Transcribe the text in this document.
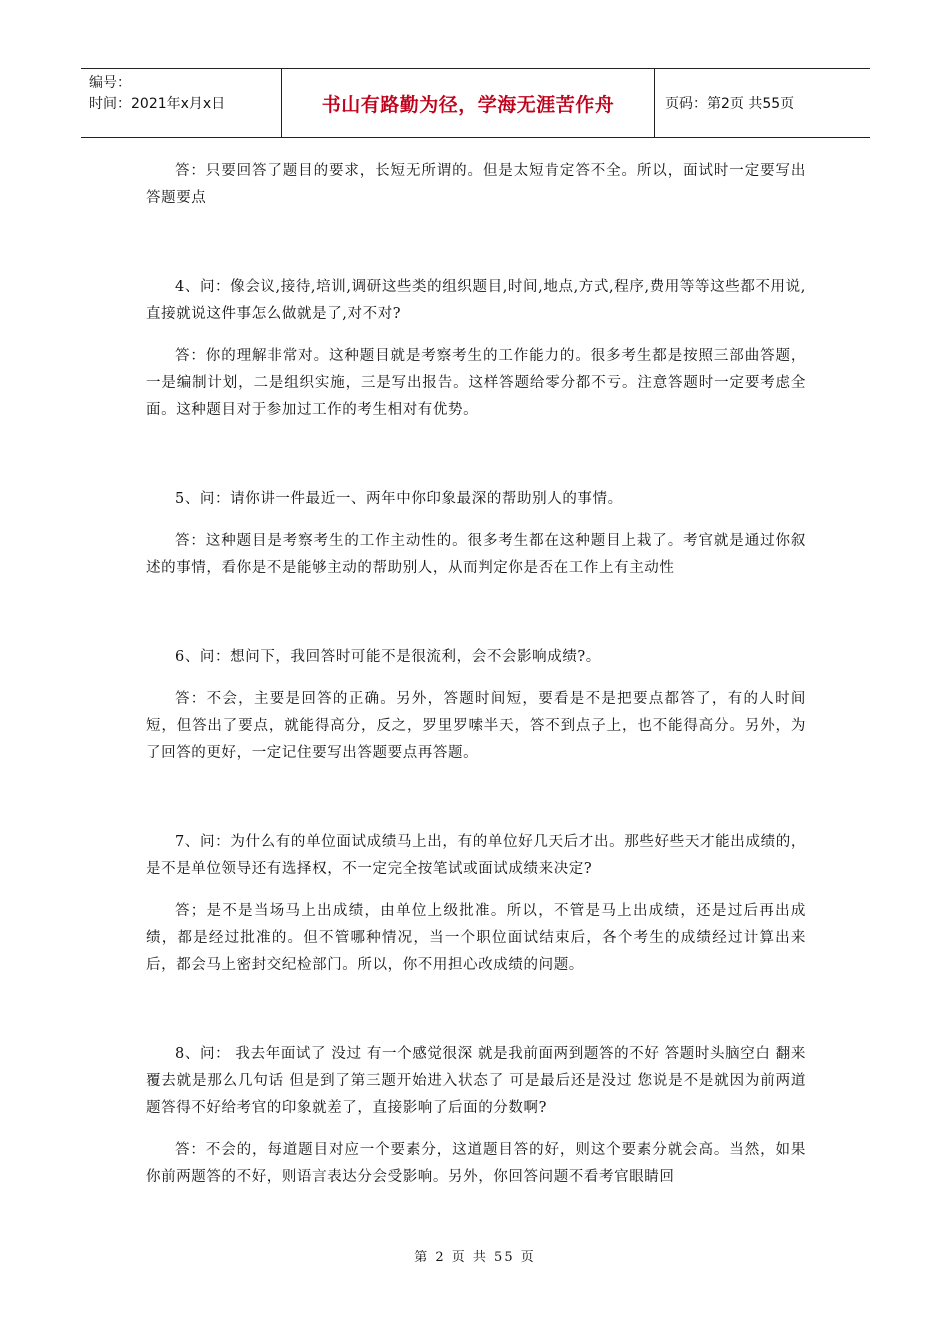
编号：
时间：2021年x月x日	书山有路勤为径，学海无涯苦作舟	页码：第2页 共55页

答：只要回答了题目的要求，长短无所谓的。但是太短肯定答不全。所以，面试时一定要写出答题要点

4、问：像会议,接待,培训,调研这些类的组织题目,时间,地点,方式,程序,费用等等这些都不用说,直接就说这件事怎么做就是了,对不对?

答：你的理解非常对。这种题目就是考察考生的工作能力的。很多考生都是按照三部曲答题，一是编制计划，二是组织实施，三是写出报告。这样答题给零分都不亏。注意答题时一定要考虑全面。这种题目对于参加过工作的考生相对有优势。

5、问：请你讲一件最近一、两年中你印象最深的帮助别人的事情。

答：这种题目是考察考生的工作主动性的。很多考生都在这种题目上栽了。考官就是通过你叙述的事情，看你是不是能够主动的帮助别人，从而判定你是否在工作上有主动性

6、问：想问下，我回答时可能不是很流利，会不会影响成绩?。

答：不会，主要是回答的正确。另外，答题时间短，要看是不是把要点都答了，有的人时间短，但答出了要点，就能得高分，反之，罗里罗嗦半天，答不到点子上，也不能得高分。另外，为了回答的更好，一定记住要写出答题要点再答题。

7、问：为什么有的单位面试成绩马上出，有的单位好几天后才出。那些好些天才能出成绩的，是不是单位领导还有选择权，不一定完全按笔试或面试成绩来决定?

答；是不是当场马上出成绩，由单位上级批准。所以，不管是马上出成绩，还是过后再出成绩，都是经过批准的。但不管哪种情况，当一个职位面试结束后，各个考生的成绩经过计算出来后，都会马上密封交纪检部门。所以，你不用担心改成绩的问题。

8、问： 我去年面试了 没过 有一个感觉很深 就是我前面两到题答的不好 答题时头脑空白 翻来覆去就是那么几句话 但是到了第三题开始进入状态了 可是最后还是没过 您说是不是就因为前两道题答得不好给考官的印象就差了，直接影响了后面的分数啊?

答：不会的，每道题目对应一个要素分，这道题目答的好，则这个要素分就会高。当然，如果你前两题答的不好，则语言表达分会受影响。另外，你回答问题不看考官眼睛回

第 2 页 共 55 页
